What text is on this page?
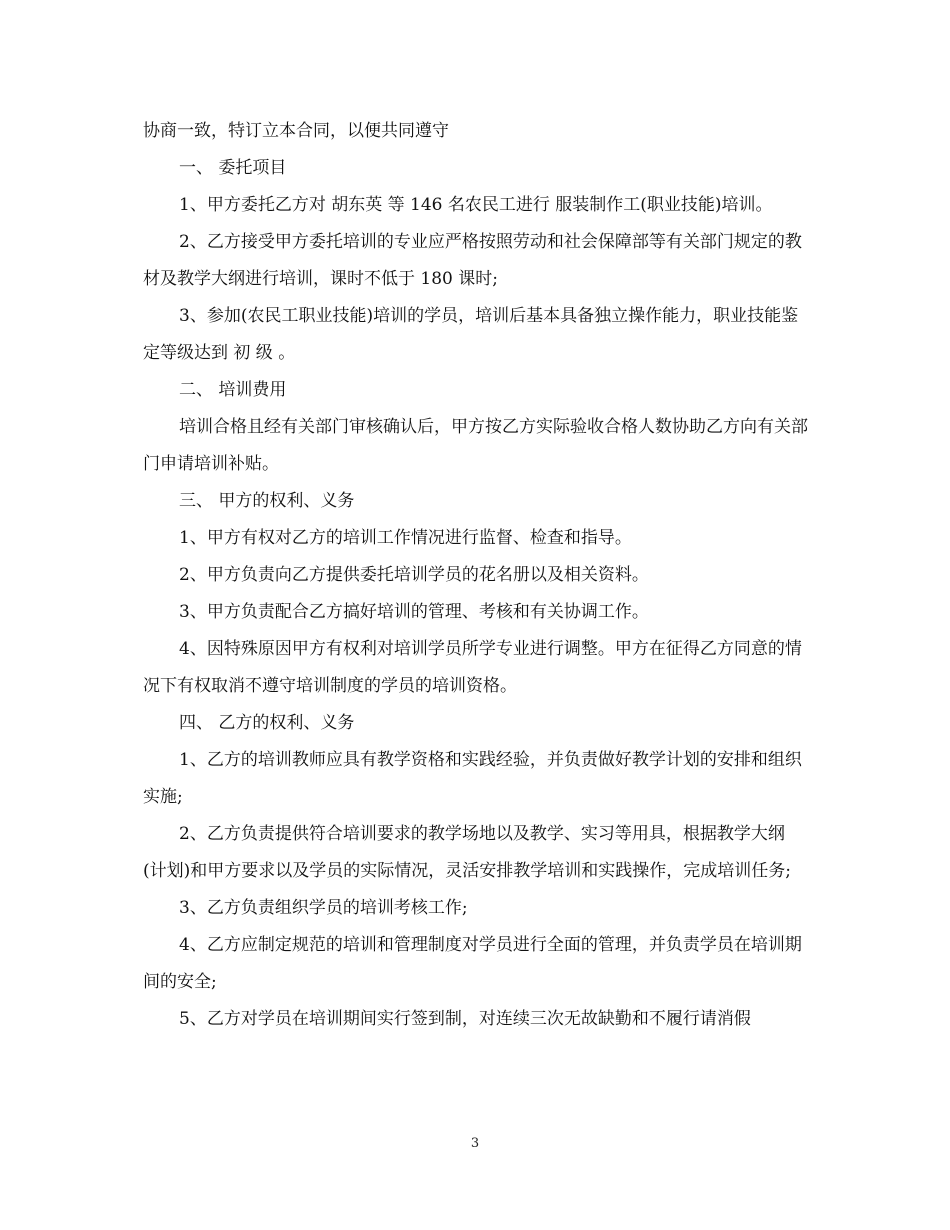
协商一致，特订立本合同，以便共同遵守

一、 委托项目

1、甲方委托乙方对 胡东英 等 146 名农民工进行 服装制作工(职业技能)培训。

2、乙方接受甲方委托培训的专业应严格按照劳动和社会保障部等有关部门规定的教材及教学大纲进行培训，课时不低于 180 课时;

3、参加(农民工职业技能)培训的学员，培训后基本具备独立操作能力，职业技能鉴定等级达到 初 级 。

二、 培训费用

培训合格且经有关部门审核确认后，甲方按乙方实际验收合格人数协助乙方向有关部门申请培训补贴。

三、 甲方的权利、义务

1、甲方有权对乙方的培训工作情况进行监督、检查和指导。

2、甲方负责向乙方提供委托培训学员的花名册以及相关资料。

3、甲方负责配合乙方搞好培训的管理、考核和有关协调工作。

4、因特殊原因甲方有权利对培训学员所学专业进行调整。甲方在征得乙方同意的情况下有权取消不遵守培训制度的学员的培训资格。

四、 乙方的权利、义务

1、乙方的培训教师应具有教学资格和实践经验，并负责做好教学计划的安排和组织实施;

2、乙方负责提供符合培训要求的教学场地以及教学、实习等用具，根据教学大纲(计划)和甲方要求以及学员的实际情况，灵活安排教学培训和实践操作，完成培训任务;

3、乙方负责组织学员的培训考核工作;

4、乙方应制定规范的培训和管理制度对学员进行全面的管理，并负责学员在培训期间的安全;

5、乙方对学员在培训期间实行签到制，对连续三次无故缺勤和不履行请消假

3
